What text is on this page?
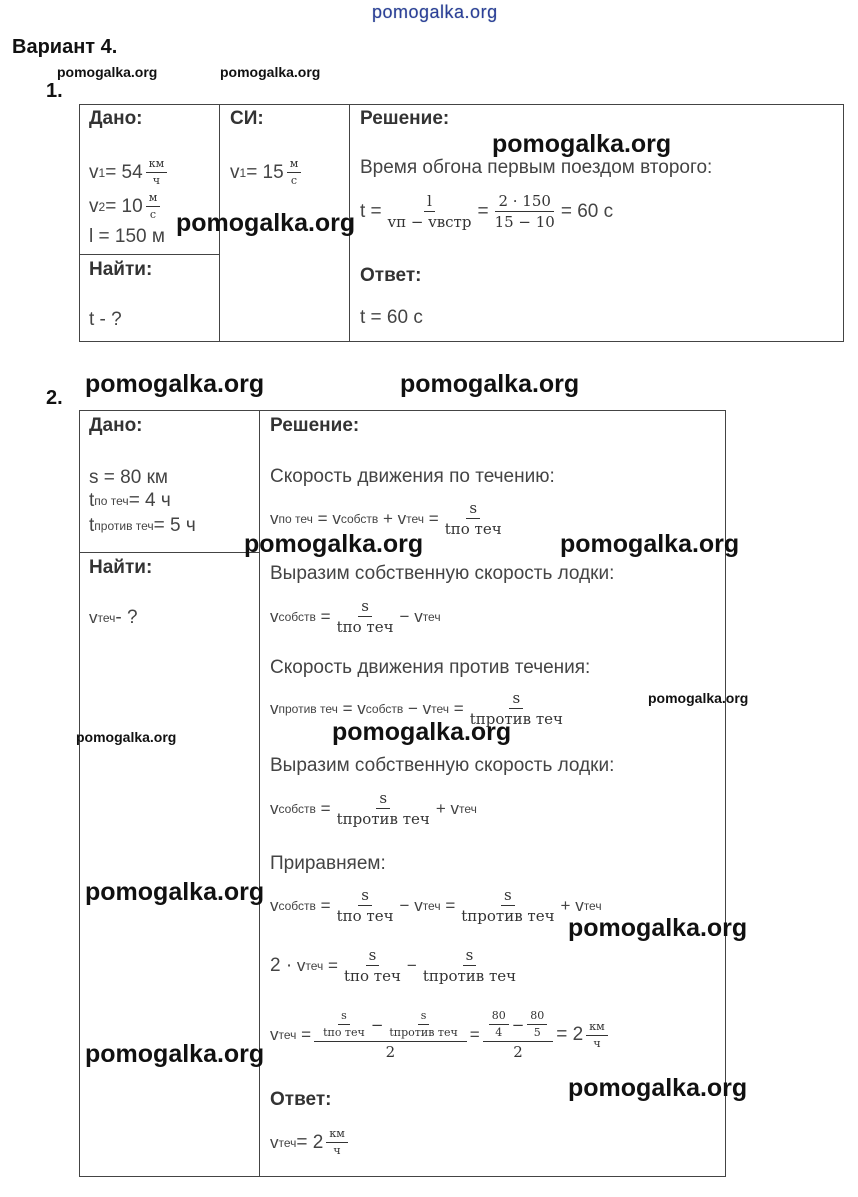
pomogalka.org
Вариант 4.
pomogalka.org	pomogalka.org
1.
Дано:
v $1 = 54 \frac{км}{ч}$
v $2 = 10 \frac{м}{с}$
l = 150 м
Найти:
t - ?
СИ:
v $1 = 15 \frac{м}{с}$
Решение:
Время обгона первым поездом второго:
$t = \frac{l}{\text{vп − vвстр}} = \frac{2 \cdot 150}{15 - 10} = 60$ с
Ответ:
t = 60 с
pomogalka.org
pomogalka.org
pomogalka.org	pomogalka.org
2.
Дано:
s = 80 км
t по теч = 4 ч
t против теч = 5 ч
Найти:
v теч - ?
Решение:
Скорость движения по течению:
v по теч
=
v собств
+
v теч
= $\frac{s}{\text{tпо теч}}$
Выразим собственную скорость лодки:
v собств
= $\frac{s}{\text{tпо теч}}$ −
v теч
Скорость движения против течения:
v против теч
=
v собств
−
v теч
= $\frac{s}{\text{tпротив теч}}$
Выразим собственную скорость лодки:
v собств
= $\frac{s}{\text{tпротив теч}}$ +
v теч
Приравняем:
v собств
= $\frac{s}{\text{tпо теч}}$ −
v теч
= $\frac{s}{\text{tпротив теч}}$ +
v теч
2 ·
v теч
= $\frac{s}{\text{tпо теч}} - \frac{s}{\text{tпротив теч}}$
v теч
= $\frac{\frac{s}{\text{tпо теч}} - \frac{s}{\text{tпротив теч}}}{2} = \frac{\frac{80}{4} - \frac{80}{5}}{2} = 2 \frac{км}{ч}$
Ответ:
v теч = $2 \frac{км}{ч}$
pomogalka.org	pomogalka.org
pomogalka.org
pomogalka.org	pomogalka.org
pomogalka.org
pomogalka.org
pomogalka.org
pomogalka.org
